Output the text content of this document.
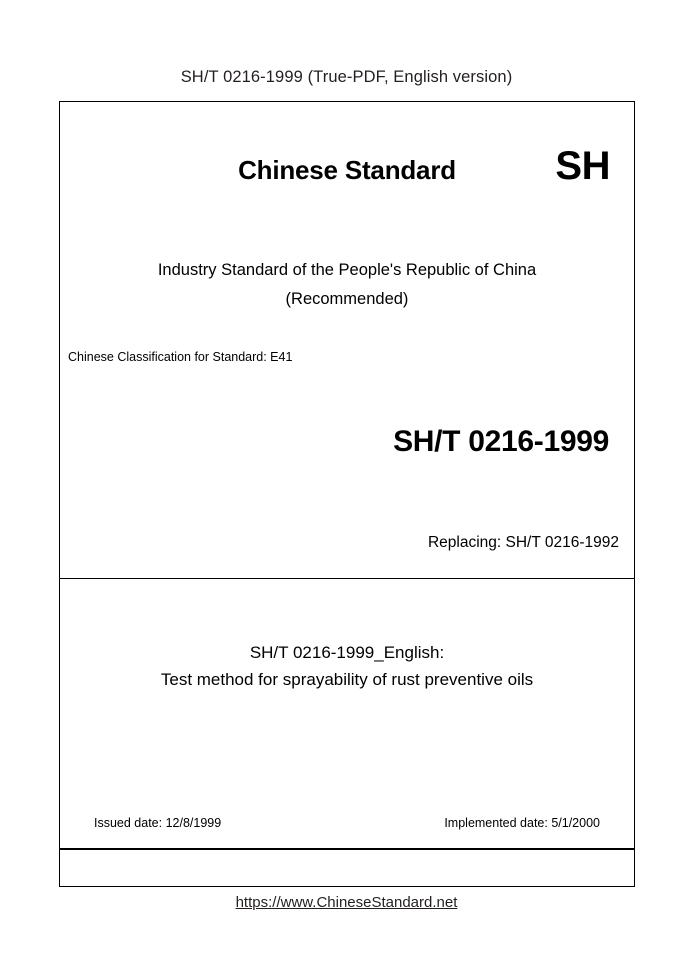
SH/T 0216-1999 (True-PDF, English version)
Chinese Standard	SH
Industry Standard of the People's Republic of China
(Recommended)
Chinese Classification for Standard: E41
SH/T 0216-1999
Replacing: SH/T 0216-1992
SH/T 0216-1999_English:
Test method for sprayability of rust preventive oils
Issued date: 12/8/1999	Implemented date: 5/1/2000
https://www.ChineseStandard.net
